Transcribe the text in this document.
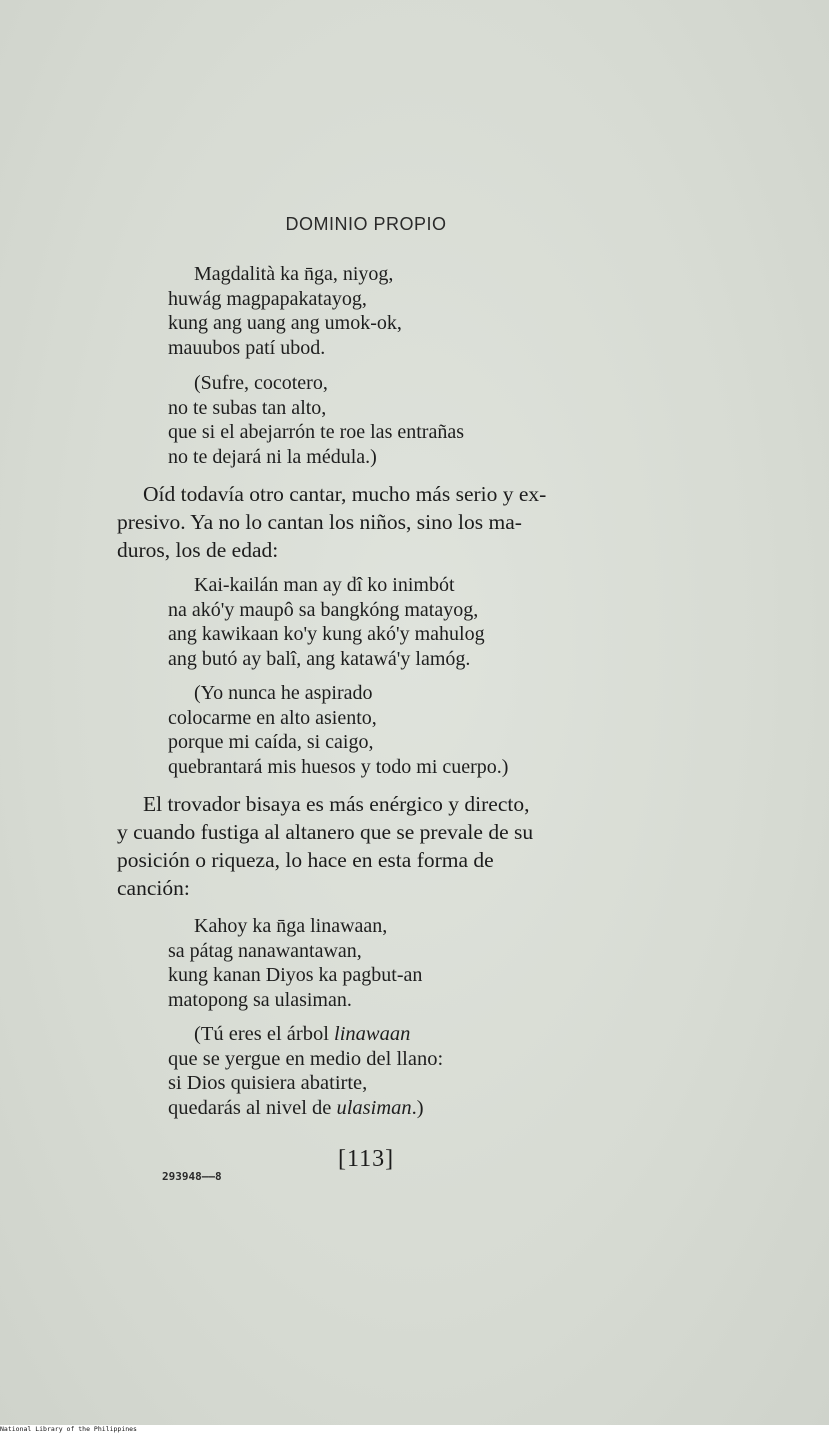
DOMINIO PROPIO
Magdalità ka n̄ga, niyog,
huwág magpapakatayog,
kung ang uang ang umok-ok,
mauubos patí ubod.
(Sufre, cocotero,
no te subas tan alto,
que si el abejarrón te roe las entrañas
no te dejará ni la médula.)
Oíd todavía otro cantar, mucho más serio y ex-
presivo. Ya no lo cantan los niños, sino los ma-
duros, los de edad:
Kai-kailán man ay dî ko inimbót
na akó'y maupô sa bangkóng matayog,
ang kawikaan ko'y kung akó'y mahulog
ang butó ay balî, ang katawá'y lamóg.
(Yo nunca he aspirado
colocarme en alto asiento,
porque mi caída, si caigo,
quebrantará mis huesos y todo mi cuerpo.)
El trovador bisaya es más enérgico y directo,
y cuando fustiga al altanero que se prevale de su
posición o riqueza, lo hace en esta forma de
canción:
Kahoy ka n̄ga linawaan,
sa pátag nanawantawan,
kung kanan Diyos ka pagbut-an
matopong sa ulasiman.
(Tú eres el árbol linawaan
que se yergue en medio del llano:
si Dios quisiera abatirte,
quedarás al nivel de ulasiman.)
[113]
293948——8
National Library of the Philippines
